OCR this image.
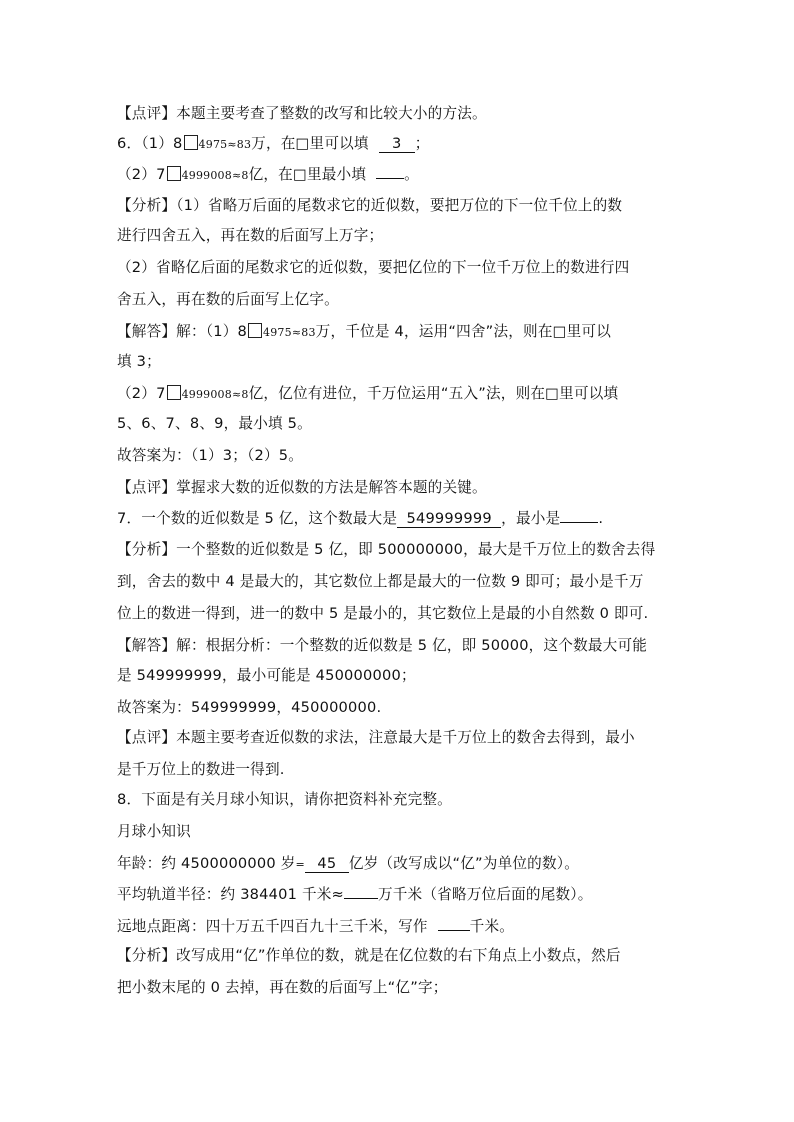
【点评】本题主要考查了整数的改写和比较大小的方法。
6．（1）8 4975≈83万，在□里可以填 3 ；
（2）7 4999008≈8亿，在□里最小填	。
【分析】（1）省略万后面的尾数求它的近似数，要把万位的下一位千位上的数
进行四舍五入，再在数的后面写上万字；
（2）省略亿后面的尾数求它的近似数，要把亿位的下一位千万位上的数进行四
舍五入，再在数的后面写上亿字。
【解答】解：（1）8 4975≈83万，千位是 4，运用“四舍”法，则在□里可以
填 3；
（2）7 4999008≈8亿，亿位有进位，千万位运用“五入”法，则在□里可以填
5、6、7、8、9，最小填 5。
故答案为：（1）3；（2）5。
【点评】掌握求大数的近似数的方法是解答本题的关键。
7．一个数的近似数是 5 亿，这个数最大是 549999999 ，最小是	.
【分析】一个整数的近似数是 5 亿，即 500000000，最大是千万位上的数舍去得
到，舍去的数中 4 是最大的，其它数位上都是最大的一位数 9 即可；最小是千万
位上的数进一得到，进一的数中 5 是最小的，其它数位上是最的小自然数 0 即可.
【解答】解：根据分析：一个整数的近似数是 5 亿，即 50000，这个数最大可能
是 549999999，最小可能是 450000000；
故答案为：549999999，450000000.
【点评】本题主要考查近似数的求法，注意最大是千万位上的数舍去得到，最小
是千万位上的数进一得到.
8．下面是有关月球小知识，请你把资料补充完整。
月球小知识
年龄：约 4500000000 岁= 45 亿岁（改写成以“亿”为单位的数）。
平均轨道半径：约 384401 千米≈ 万千米（省略万位后面的尾数）。
远地点距离：四十万五千四百九十三千米，写作	千米。
【分析】改写成用“亿”作单位的数，就是在亿位数的右下角点上小数点，然后
把小数末尾的 0 去掉，再在数的后面写上“亿”字；
